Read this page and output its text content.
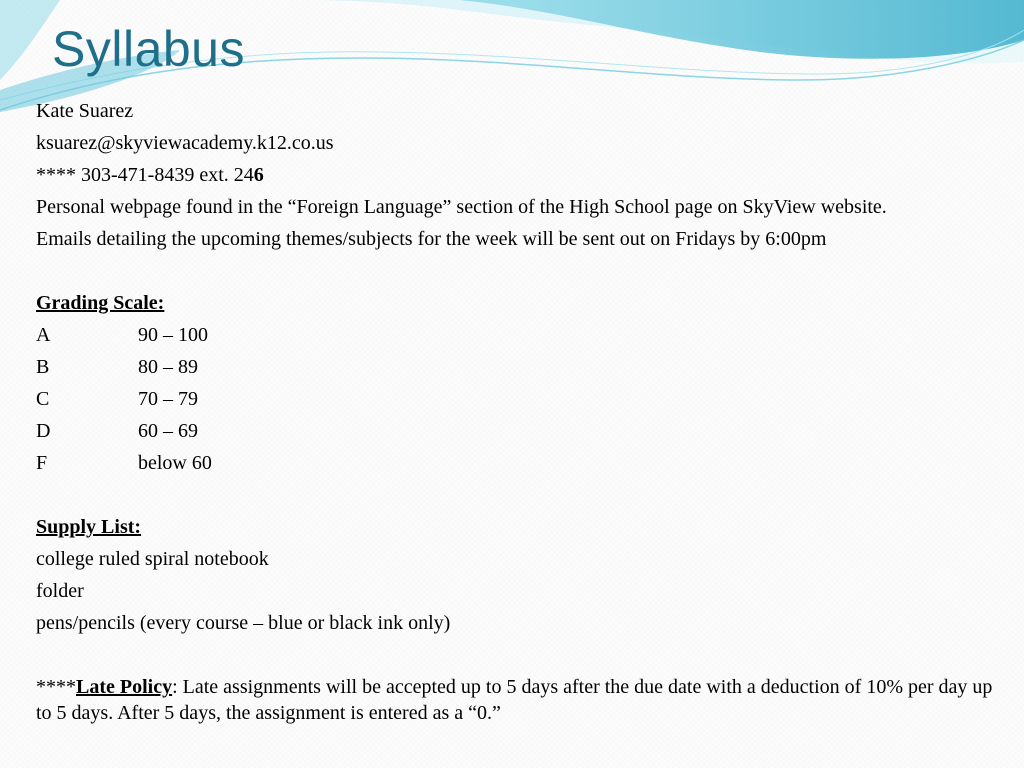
Syllabus
Kate Suarez
ksuarez@skyviewacademy.k12.co.us
**** 303-471-8439 ext. 246
Personal webpage found in the “Foreign Language” section of the High School page on SkyView website.
Emails detailing the upcoming themes/subjects for the week will be sent out on Fridays by 6:00pm
Grading Scale:
A	90 – 100
B	80 – 89
C	70 – 79
D	60 – 69
F	below 60
Supply List:
college ruled spiral notebook
folder
pens/pencils (every course – blue or black ink only)
****Late Policy: Late assignments will be accepted up to 5 days after the due date with a deduction of 10% per day up to 5 days. After 5 days, the assignment is entered as a “0.”
